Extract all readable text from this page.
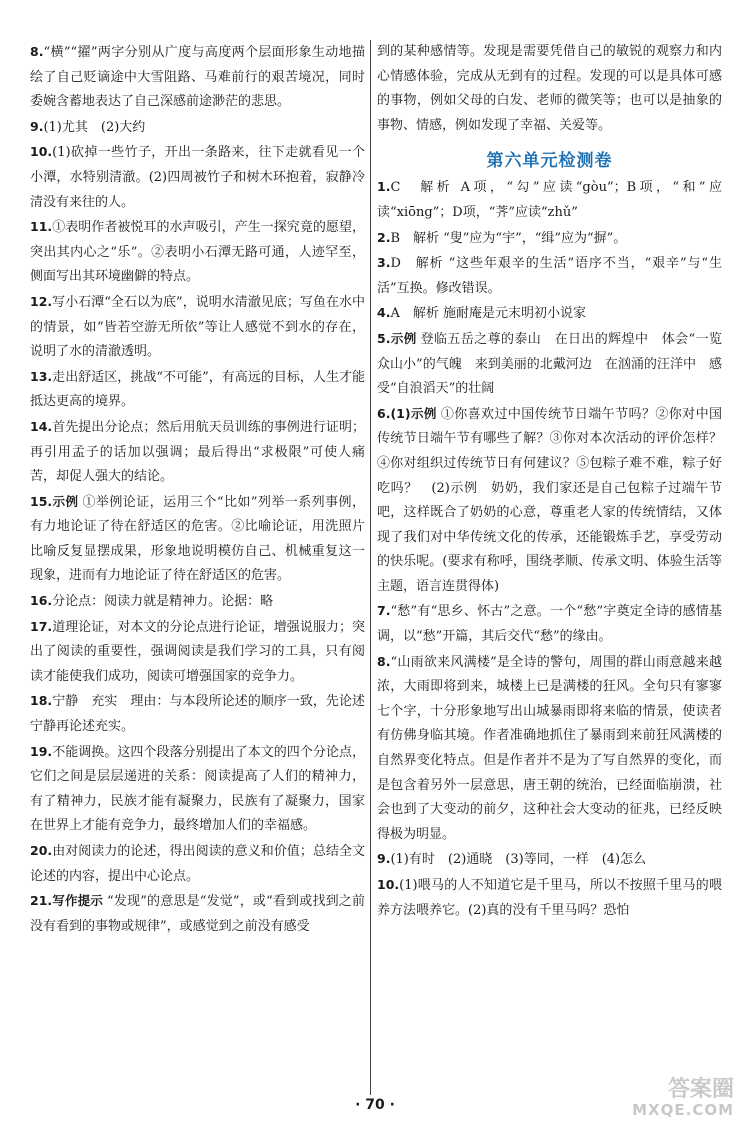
8.“横”“擢”两字分别从广度与高度两个层面形象生动地描绘了自己贬谪途中大雪阻路、马难前行的艰苦境况，同时委婉含蓄地表达了自己深感前途渺茫的悲思。

9.(1)尤其　(2)大约

10.(1)砍掉一些竹子，开出一条路来，往下走就看见一个小潭，水特别清澈。(2)四周被竹子和树木环抱着，寂静冷清没有来往的人。

11.①表明作者被悦耳的水声吸引，产生一探究竟的愿望，突出其内心之“乐”。②表明小石潭无路可通，人迹罕至，侧面写出其环境幽僻的特点。

12.写小石潭“全石以为底”，说明水清澈见底；写鱼在水中的情景，如“皆若空游无所依”等让人感觉不到水的存在，说明了水的清澈透明。

13.走出舒适区，挑战“不可能”，有高远的目标，人生才能抵达更高的境界。

14.首先提出分论点；然后用航天员训练的事例进行证明；再引用孟子的话加以强调；最后得出“求极限”可使人痛苦，却促人强大的结论。

15.示例 ①举例论证，运用三个“比如”列举一系列事例，有力地论证了待在舒适区的危害。②比喻论证，用洗照片比喻反复显摆成果，形象地说明模仿自己、机械重复这一现象，进而有力地论证了待在舒适区的危害。

16.分论点：阅读力就是精神力。论据：略

17.道理论证，对本文的分论点进行论证，增强说服力；突出了阅读的重要性，强调阅读是我们学习的工具，只有阅读才能使我们成功，阅读可增强国家的竞争力。

18.宁静　充实　理由：与本段所论述的顺序一致，先论述宁静再论述充实。

19.不能调换。这四个段落分别提出了本文的四个分论点，它们之间是层层递进的关系：阅读提高了人们的精神力，有了精神力，民族才能有凝聚力，民族有了凝聚力，国家在世界上才能有竞争力，最终增加人们的幸福感。

20.由对阅读力的论述，得出阅读的意义和价值；总结全文论述的内容，提出中心论点。

21.写作提示 “发现”的意思是“发觉”，或“看到或找到之前没有看到的事物或规律”，或感觉到之前没有感受

到的某种感情等。发现是需要凭借自己的敏锐的观察力和内心情感体验，完成从无到有的过程。发现的可以是具体可感的事物，例如父母的白发、老师的微笑等；也可以是抽象的事物、情感，例如发现了幸福、关爱等。

第六单元检测卷

1.C　解析 A项，“勾”应读“gòu”；B项，“和”应读“xiōng”；D项，“荠”应读“zhǔ”

2.B　解析 “叟”应为“宇”，“缉”应为“摒”。

3.D　解析 “这些年艰辛的生活”语序不当，“艰辛”与“生活”互换。修改错误。

4.A　解析 施耐庵是元末明初小说家

5.示例 登临五岳之尊的泰山　在日出的辉煌中　体会“一览众山小”的气魄　来到美丽的北戴河边　在汹涌的汪洋中　感受“自浪滔天”的壮阔

6.(1)示例 ①你喜欢过中国传统节日端午节吗？②你对中国传统节日端午节有哪些了解？③你对本次活动的评价怎样？④你对组织过传统节日有何建议？⑤包粽子难不难，粽子好吃吗？　(2)示例　奶奶，我们家还是自己包粽子过端午节吧，这样既合了奶奶的心意，尊重老人家的传统情结，又体现了我们对中华传统文化的传承，还能锻炼手艺，享受劳动的快乐呢。(要求有称呼，围绕孝顺、传承文明、体验生活等主题，语言连贯得体)

7.“愁”有“思乡、怀古”之意。一个“愁”字奠定全诗的感情基调，以“愁”开篇，其后交代“愁”的缘由。

8.“山雨欲来风满楼”是全诗的警句，周围的群山雨意越来越浓，大雨即将到来，城楼上已是满楼的狂风。全句只有寥寥七个字，十分形象地写出山城暴雨即将来临的情景，使读者有仿佛身临其境。作者准确地抓住了暴雨到来前狂风满楼的自然界变化特点。但是作者并不是为了写自然界的变化，而是包含着另外一层意思，唐王朝的统治，已经面临崩溃，社会也到了大变动的前夕，这种社会大变动的征兆，已经反映得极为明显。

9.(1)有时　(2)通晓　(3)等同，一样　(4)怎么

10.(1)喂马的人不知道它是千里马，所以不按照千里马的喂养方法喂养它。(2)真的没有千里马吗？恐怕

· 70 ·
答案圈
MXQE.COM
